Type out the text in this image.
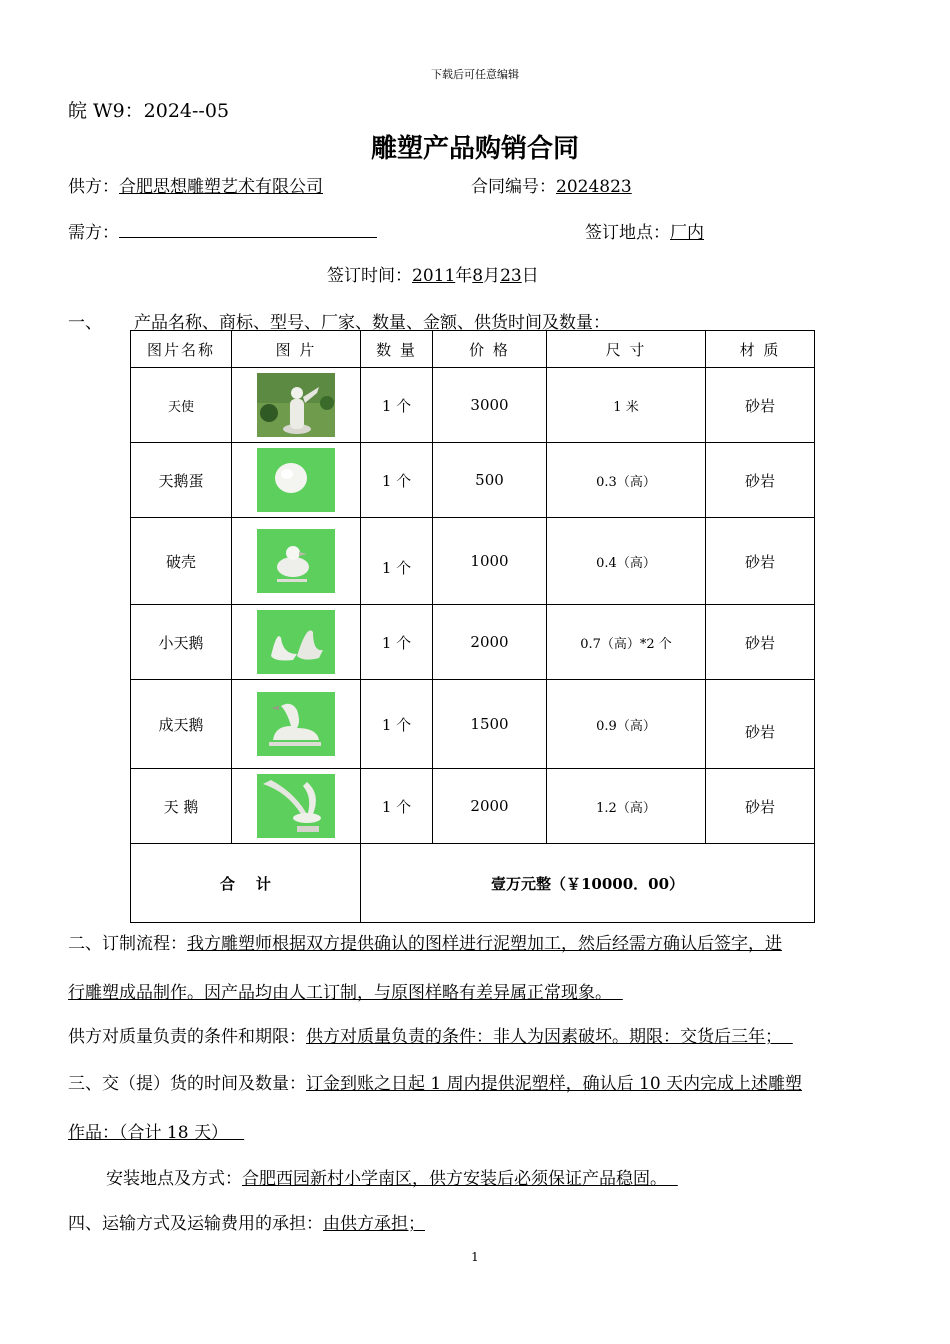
下载后可任意编辑
皖 W9：2024--05
雕塑产品购销合同
供方：合肥思想雕塑艺术有限公司	合同编号：2024823
需方：	签订地点：厂内
签订时间：2011年8月23日
一、 产品名称、商标、型号、厂家、数量、金额、供货时间及数量：
图片名称	图 片	数 量	价 格	尺 寸	材 质
天使		1 个	3000	1 米	砂岩
天鹅蛋		1 个	500	0.3（高）	砂岩
破壳		1 个	1000	0.4（高）	砂岩
小天鹅		1 个	2000	0.7（高）*2 个	砂岩
成天鹅		1 个	1500	0.9（高）	砂岩
天 鹅		1 个	2000	1.2（高）	砂岩
合    计		壹万元整（￥10000．00）			
二、订制流程：我方雕塑师根据双方提供确认的图样进行泥塑加工，然后经需方确认后签字，进
行雕塑成品制作。因产品均由人工订制，与原图样略有差异属正常现象。
供方对质量负责的条件和期限：供方对质量负责的条件：非人为因素破坏。期限：交货后三年；
三、交（提）货的时间及数量：订金到账之日起 1 周内提供泥塑样，确认后 10 天内完成上述雕塑
作品：（合计 18 天）
安装地点及方式：合肥西园新村小学南区，供方安装后必须保证产品稳固。
四、运输方式及运输费用的承担：由供方承担；
1
